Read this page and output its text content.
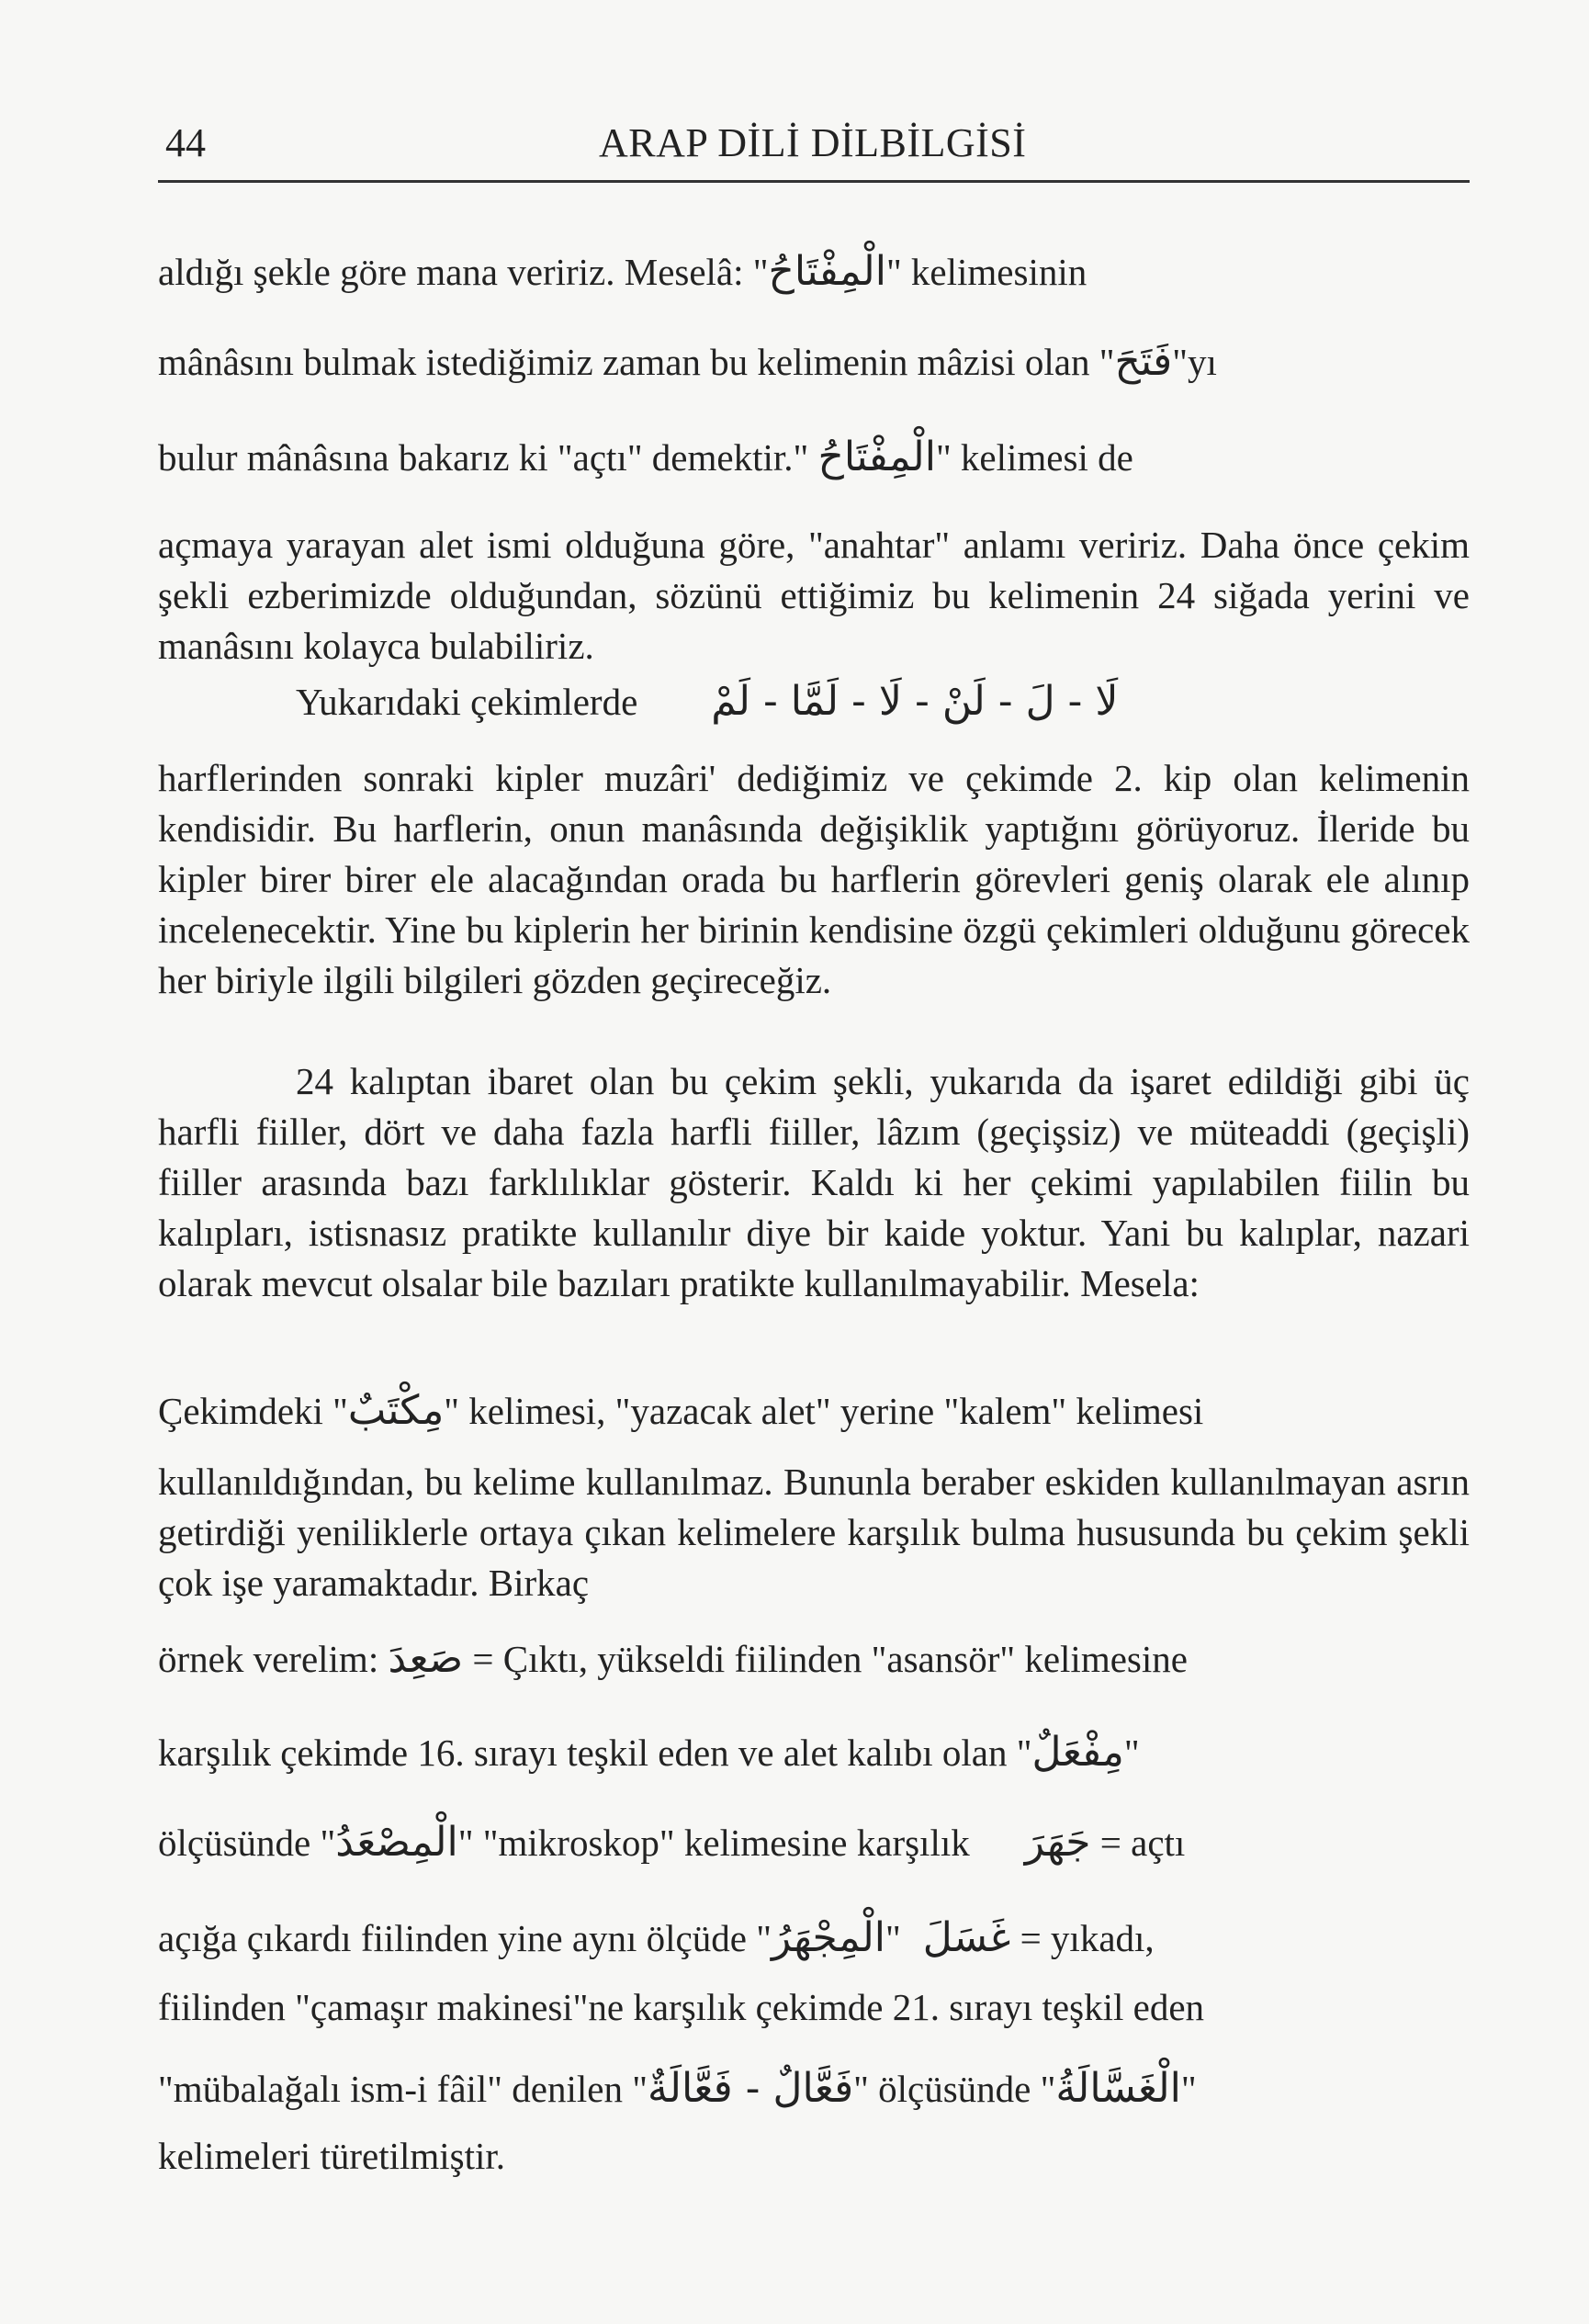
44	ARAP DİLİ DİLBİLGİSİ
aldığı şekle göre mana veririz. Meselâ: "الْمِفْتَاحُ" kelimesinin
mânâsını bulmak istediğimiz zaman bu kelimenin mâzisi olan "فَتَحَ"yı
bulur mânâsına bakarız ki "açtı" demektir." الْمِفْتَاحُ" kelimesi de
açmaya yarayan alet ismi olduğuna göre, "anahtar" anlamı veririz. Daha önce çekim şekli ezberimizde olduğundan, sözünü ettiğimiz bu kelimenin 24 siğada yerini ve manâsını kolayca bulabiliriz.
Yukarıdaki çekimlerde لَا - لَ - لَنْ - لَا - لَمَّا - لَمْ
harflerinden sonraki kipler muzâri' dediğimiz ve çekimde 2. kip olan kelimenin kendisidir. Bu harflerin, onun manâsında değişiklik yaptığını görüyoruz. İleride bu kipler birer birer ele alacağından orada bu harflerin görevleri geniş olarak ele alınıp incelenecektir. Yine bu kiplerin her birinin kendisine özgü çekimleri olduğunu görecek her biriyle ilgili bilgileri gözden geçireceğiz.
24 kalıptan ibaret olan bu çekim şekli, yukarıda da işaret edildiği gibi üç harfli fiiller, dört ve daha fazla harfli fiiller, lâzım (geçişsiz) ve müteaddi (geçişli) fiiller arasında bazı farklılıklar gösterir. Kaldı ki her çekimi yapılabilen fiilin bu kalıpları, istisnasız pratikte kullanılır diye bir kaide yoktur. Yani bu kalıplar, nazari olarak mevcut olsalar bile bazıları pratikte kullanılmayabilir. Mesela:
Çekimdeki "مِكْتَبٌ" kelimesi, "yazacak alet" yerine "kalem" kelimesi
kullanıldığından, bu kelime kullanılmaz. Bununla beraber eskiden kullanılmayan asrın getirdiği yeniliklerle ortaya çıkan kelimelere karşılık bulma hususunda bu çekim şekli çok işe yaramaktadır. Birkaç
örnek verelim: صَعِدَ = Çıktı, yükseldi fiilinden "asansör" kelimesine
karşılık çekimde 16. sırayı teşkil eden ve alet kalıbı olan "مِفْعَلٌ"
ölçüsünde "الْمِصْعَدُ" "mikroskop" kelimesine karşılık جَهَرَ = açtı
açığa çıkardı fiilinden yine aynı ölçüde "الْمِجْهَرُ" غَسَلَ = yıkadı,
fiilinden "çamaşır makinesi"ne karşılık çekimde 21. sırayı teşkil eden
"mübalağalı ism-i fâil" denilen "فَعَّالٌ - فَعَّالَةٌ" ölçüsünde "الْغَسَّالَةُ"
kelimeleri türetilmiştir.
